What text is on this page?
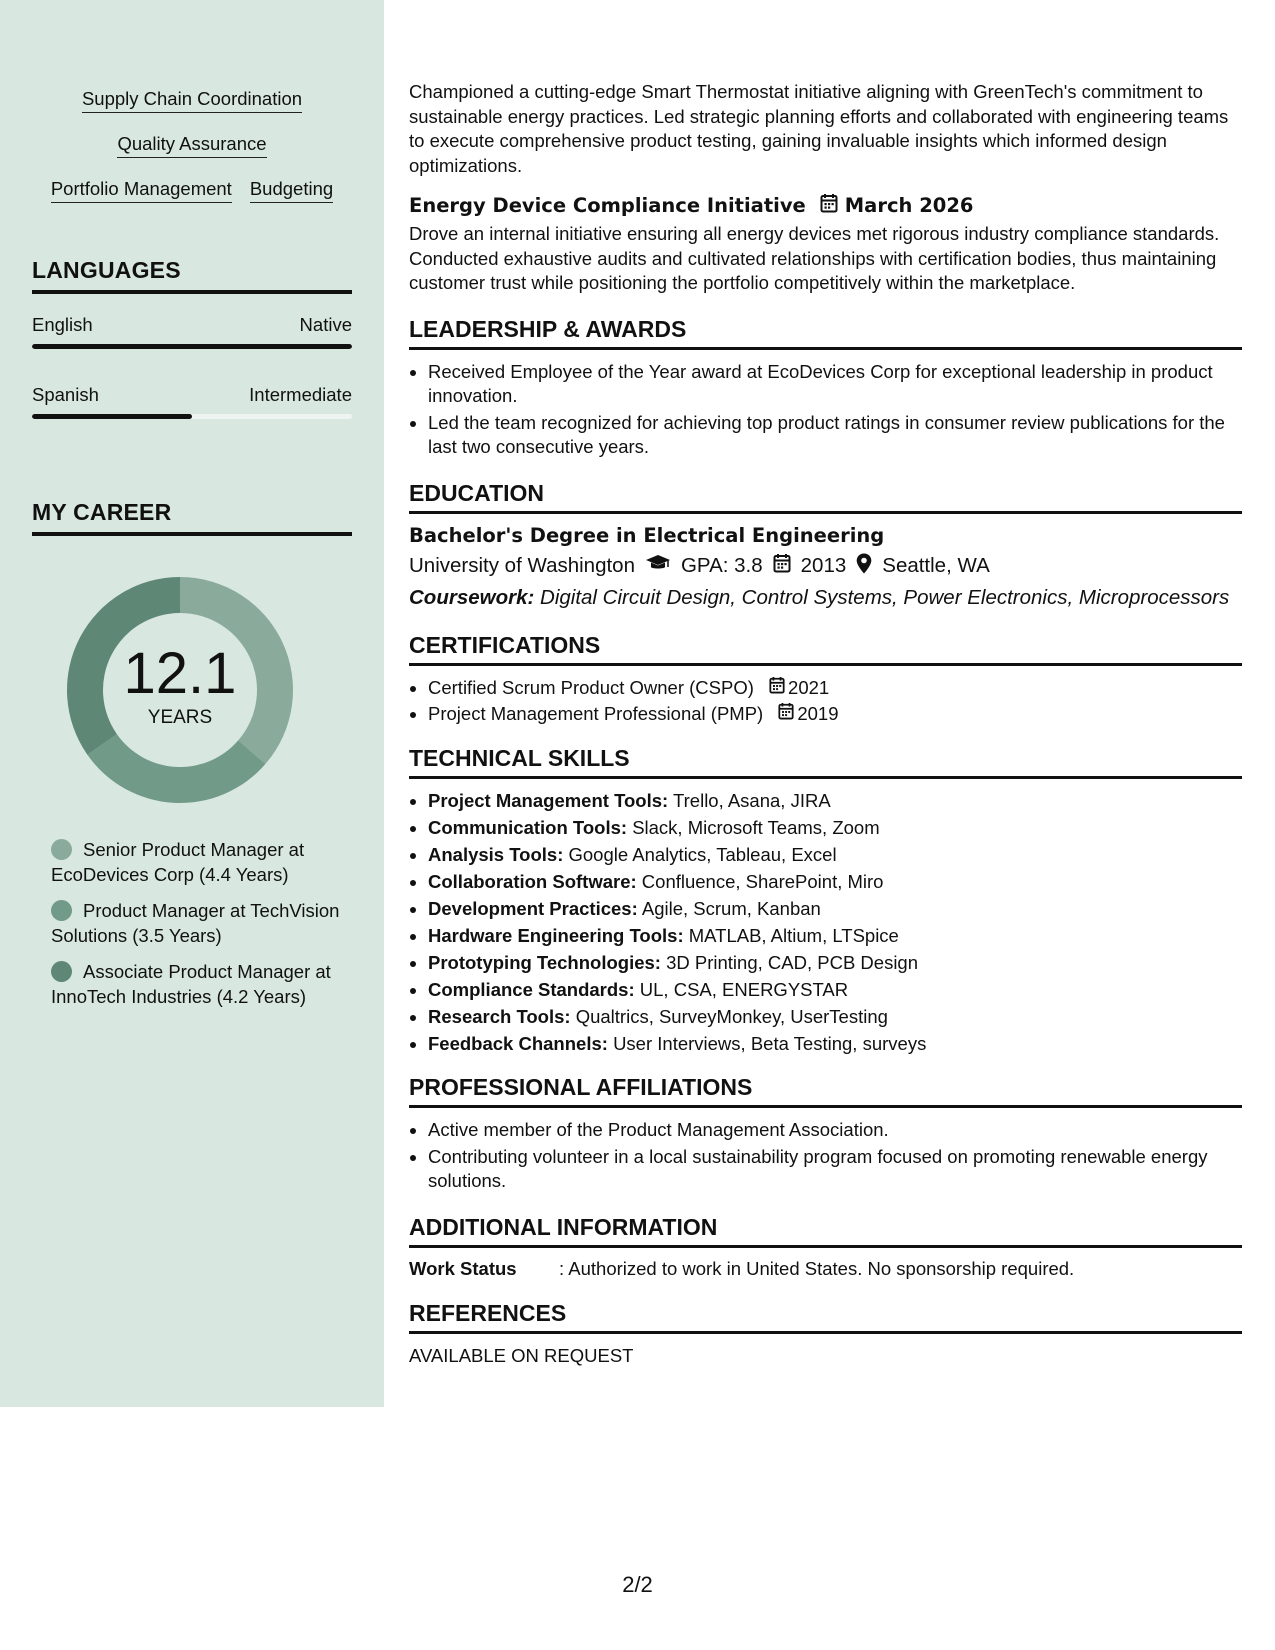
Supply Chain Coordination
Quality Assurance
Portfolio Management Budgeting
LANGUAGES
English	Native
Spanish	Intermediate
MY CAREER
12.1
YEARS
Senior Product Manager at EcoDevices Corp (4.4 Years)
Product Manager at TechVision Solutions (3.5 Years)
Associate Product Manager at InnoTech Industries (4.2 Years)

Championed a cutting-edge Smart Thermostat initiative aligning with GreenTech's commitment to sustainable energy practices. Led strategic planning efforts and collaborated with engineering teams to execute comprehensive product testing, gaining invaluable insights which informed design optimizations.

Energy Device Compliance Initiative March 2026

Drove an internal initiative ensuring all energy devices met rigorous industry compliance standards. Conducted exhaustive audits and cultivated relationships with certification bodies, thus maintaining customer trust while positioning the portfolio competitively within the marketplace.

LEADERSHIP & AWARDS
• Received Employee of the Year award at EcoDevices Corp for exceptional leadership in product innovation.
• Led the team recognized for achieving top product ratings in consumer review publications for the last two consecutive years.
EDUCATION
Bachelor's Degree in Electrical Engineering
University of Washington GPA: 3.8 2013 Seattle, WA
Coursework: Digital Circuit Design, Control Systems, Power Electronics, Microprocessors
CERTIFICATIONS
• Certified Scrum Product Owner (CSPO) 2021
• Project Management Professional (PMP) 2019
TECHNICAL SKILLS
• Project Management Tools: Trello, Asana, JIRA
• Communication Tools: Slack, Microsoft Teams, Zoom
• Analysis Tools: Google Analytics, Tableau, Excel
• Collaboration Software: Confluence, SharePoint, Miro
• Development Practices: Agile, Scrum, Kanban
• Hardware Engineering Tools: MATLAB, Altium, LTSpice
• Prototyping Technologies: 3D Printing, CAD, PCB Design
• Compliance Standards: UL, CSA, ENERGYSTAR
• Research Tools: Qualtrics, SurveyMonkey, UserTesting
• Feedback Channels: User Interviews, Beta Testing, surveys
PROFESSIONAL AFFILIATIONS
• Active member of the Product Management Association.
• Contributing volunteer in a local sustainability program focused on promoting renewable energy solutions.
ADDITIONAL INFORMATION
Work Status	: Authorized to work in United States. No sponsorship required.
REFERENCES
AVAILABLE ON REQUEST
2/2
